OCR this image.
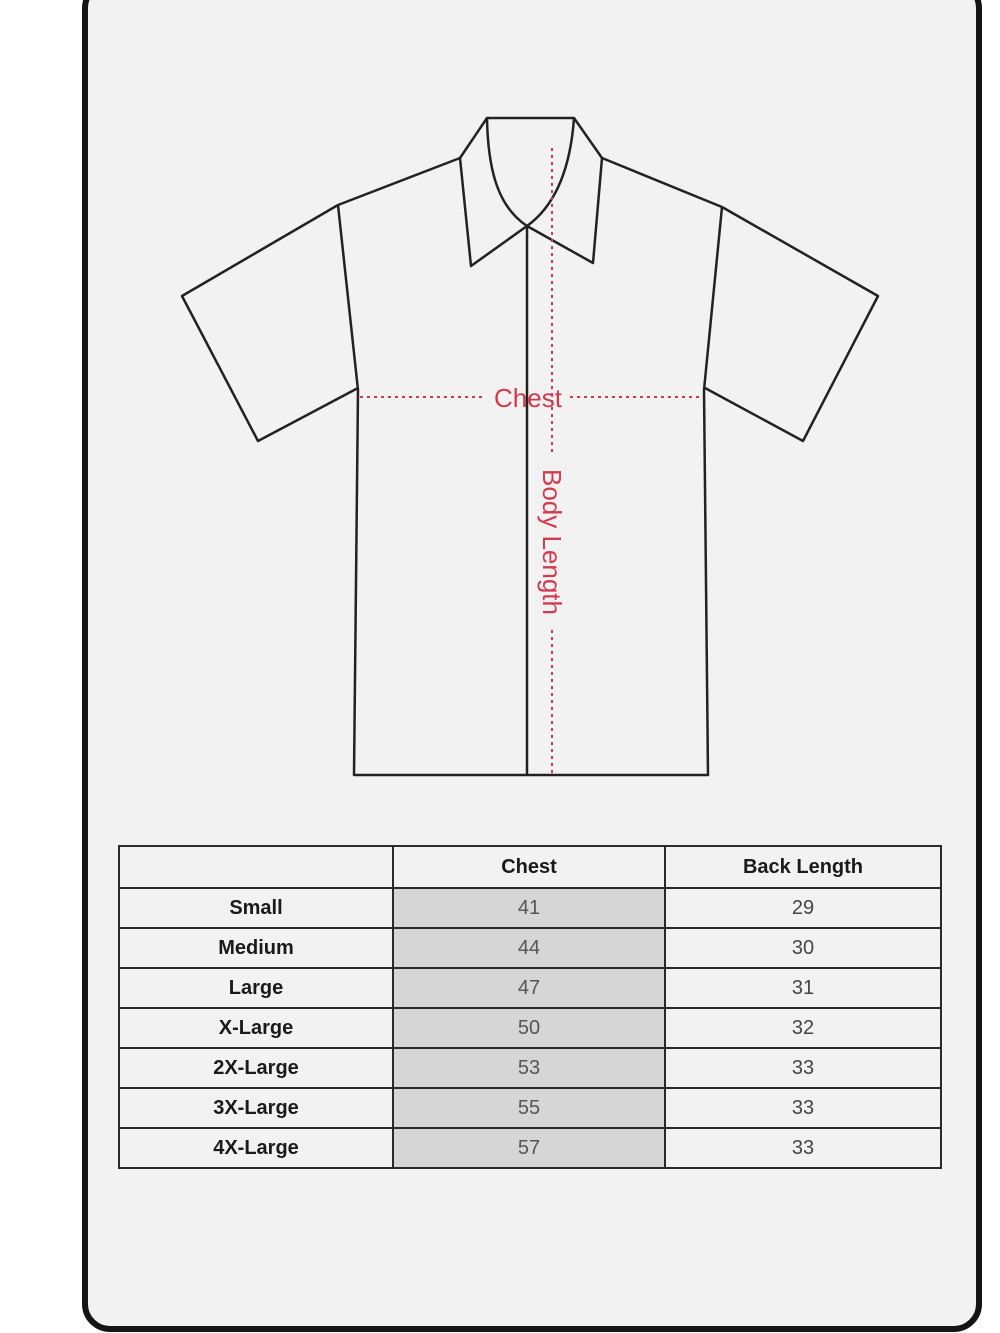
Chest
Body Length
	Chest	Back Length
Small	41	29
Medium	44	30
Large	47	31
X-Large	50	32
2X-Large	53	33
3X-Large	55	33
4X-Large	57	33
